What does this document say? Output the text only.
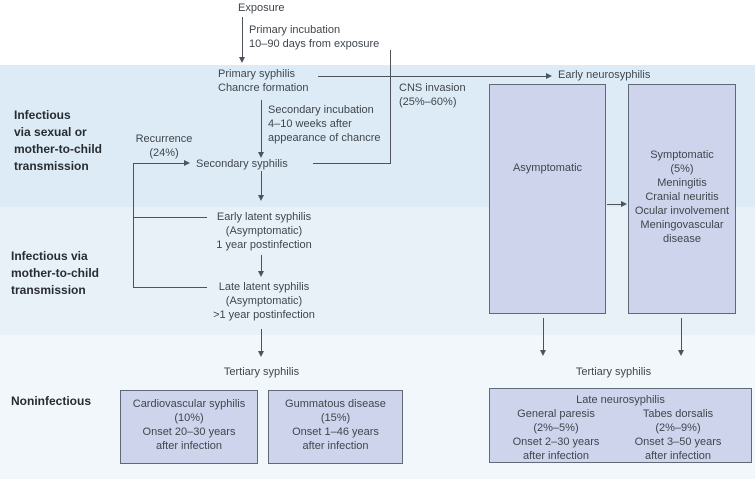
Infectious
via sexual or
mother-to-child
transmission
Infectious via
mother-to-child
transmission
Noninfectious
Exposure
Primary incubation
10–90 days from exposure
Primary syphilis
Chancre formation	CNS invasion
(25%–60%)
Secondary incubation
4–10 weeks after
appearance of chancre
Secondary syphilis
Recurrence
(24%)
Early latent syphilis
(Asymptomatic)
1 year postinfection
Late latent syphilis
(Asymptomatic)
>1 year postinfection
Tertiary syphilis
Cardiovascular syphilis
(10%)
Onset 20–30 years
after infection
Gummatous disease
(15%)
Onset 1–46 years
after infection
Early neurosyphilis
Asymptomatic
Symptomatic
(5%)
Meningitis
Cranial neuritis
Ocular involvement
Meningovascular
disease
Tertiary syphilis
Late neurosyphilis
General paresis
(2%–5%)
Onset 2–30 years
after infection
Tabes dorsalis
(2%–9%)
Onset 3–50 years
after infection
